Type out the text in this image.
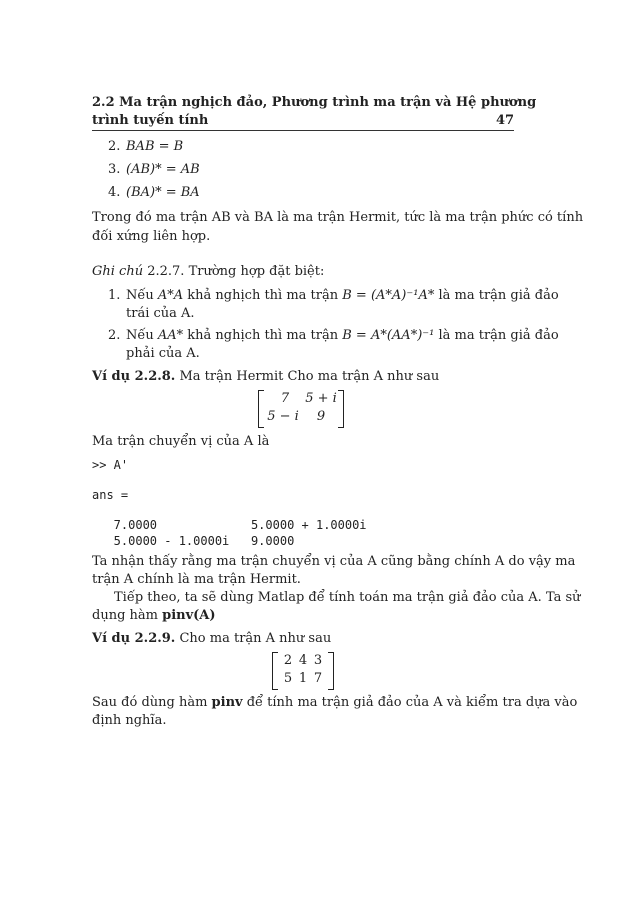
2.2 Ma trận nghịch đảo, Phương trình ma trận và Hệ phương
trình tuyến tính	47
2. BAB = B
3. (AB)* = AB
4. (BA)* = BA
Trong đó ma trận AB và BA là ma trận Hermit, tức là ma trận phức có tính
đối xứng liên hợp.
Ghi chú 2.2.7. Trường hợp đặt biệt:
1. Nếu A*A khả nghịch thì ma trận B = (A*A)⁻¹A* là ma trận giả đảo
trái của A.
2. Nếu AA* khả nghịch thì ma trận B = A*(AA*)⁻¹ là ma trận giả đảo
phải của A.
Ví dụ 2.2.8. Ma trận Hermit Cho ma trận A như sau
7	5 + i
5 − i	9
Ma trận chuyển vị của A là
>> A'
ans =
7.0000             5.0000 + 1.0000i
5.0000 - 1.0000i   9.0000
Ta nhận thấy rằng ma trận chuyển vị của A cũng bằng chính A do vậy ma
trận A chính là ma trận Hermit.
Tiếp theo, ta sẽ dùng Matlap để tính toán ma trận giả đảo của A. Ta sử
dụng hàm pinv(A)
Ví dụ 2.2.9. Cho ma trận A như sau
2 4 3
5 1 7
Sau đó dùng hàm pinv để tính ma trận giả đảo của A và kiểm tra dựa vào
định nghĩa.
